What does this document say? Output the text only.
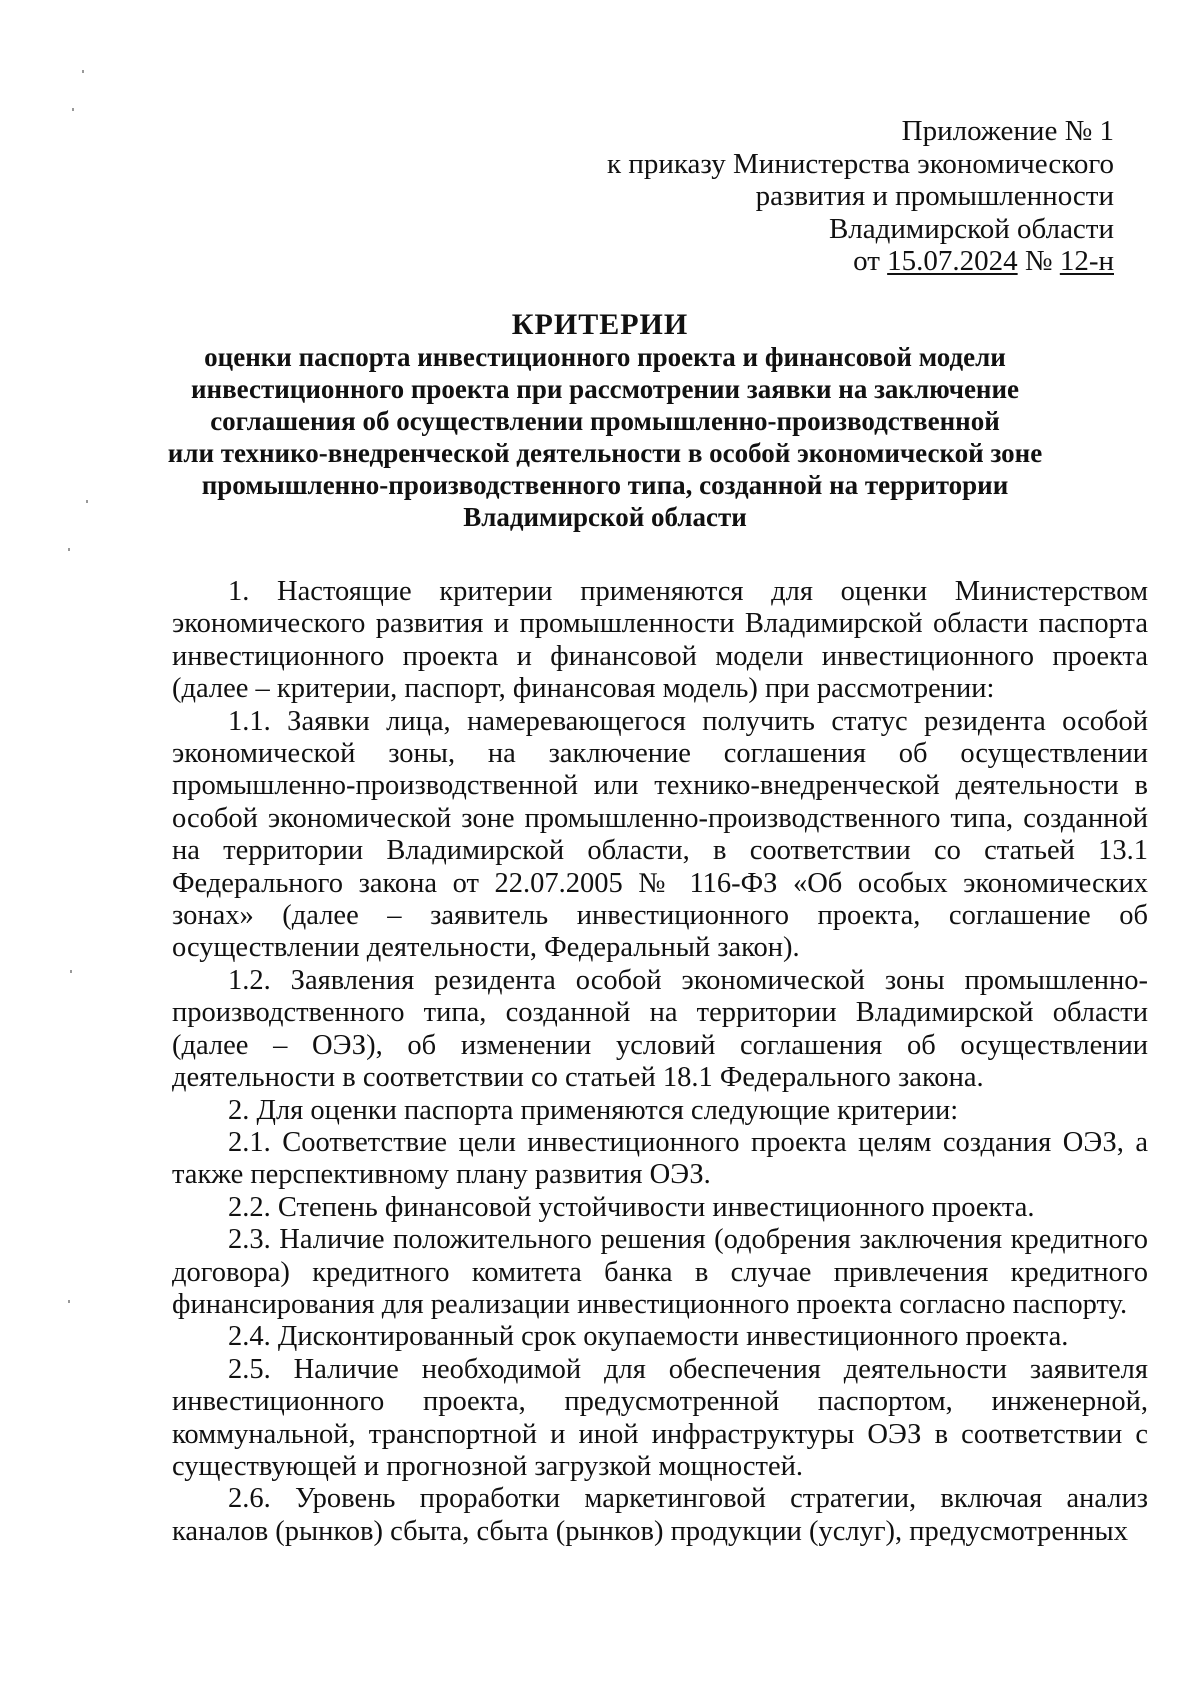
Приложение № 1
к приказу Министерства экономического
развития и промышленности
Владимирской области
от 15.07.2024 № 12-н
КРИТЕРИИ
оценки паспорта инвестиционного проекта и финансовой модели
инвестиционного проекта при рассмотрении заявки на заключение
соглашения об осуществлении промышленно-производственной
или технико-внедренческой деятельности в особой экономической зоне
промышленно-производственного типа, созданной на территории
Владимирской области

1. Настоящие критерии применяются для оценки Министерством экономического развития и промышленности Владимирской области паспорта инвестиционного проекта и финансовой модели инвестиционного проекта (далее – критерии, паспорт, финансовая модель) при рассмотрении:

1.1. Заявки лица, намеревающегося получить статус резидента особой экономической зоны, на заключение соглашения об осуществлении промышленно-производственной или технико-внедренческой деятельности в особой экономической зоне промышленно-производственного типа, созданной на территории Владимирской области, в соответствии со статьей 13.1 Федерального закона от 22.07.2005 № 116-ФЗ «Об особых экономических зонах» (далее – заявитель инвестиционного проекта, соглашение об осуществлении деятельности, Федеральный закон).

1.2. Заявления резидента особой экономической зоны промышленно-производственного типа, созданной на территории Владимирской области (далее – ОЭЗ), об изменении условий соглашения об осуществлении деятельности в соответствии со статьей 18.1 Федерального закона.

2. Для оценки паспорта применяются следующие критерии:

2.1. Соответствие цели инвестиционного проекта целям создания ОЭЗ, а также перспективному плану развития ОЭЗ.

2.2. Степень финансовой устойчивости инвестиционного проекта.

2.3. Наличие положительного решения (одобрения заключения кредитного договора) кредитного комитета банка в случае привлечения кредитного финансирования для реализации инвестиционного проекта согласно паспорту.

2.4. Дисконтированный срок окупаемости инвестиционного проекта.

2.5. Наличие необходимой для обеспечения деятельности заявителя инвестиционного проекта, предусмотренной паспортом, инженерной, коммунальной, транспортной и иной инфраструктуры ОЭЗ в соответствии с существующей и прогнозной загрузкой мощностей.

2.6. Уровень проработки маркетинговой стратегии, включая анализ каналов (рынков) сбыта, сбыта (рынков) продукции (услуг), предусмотренных
